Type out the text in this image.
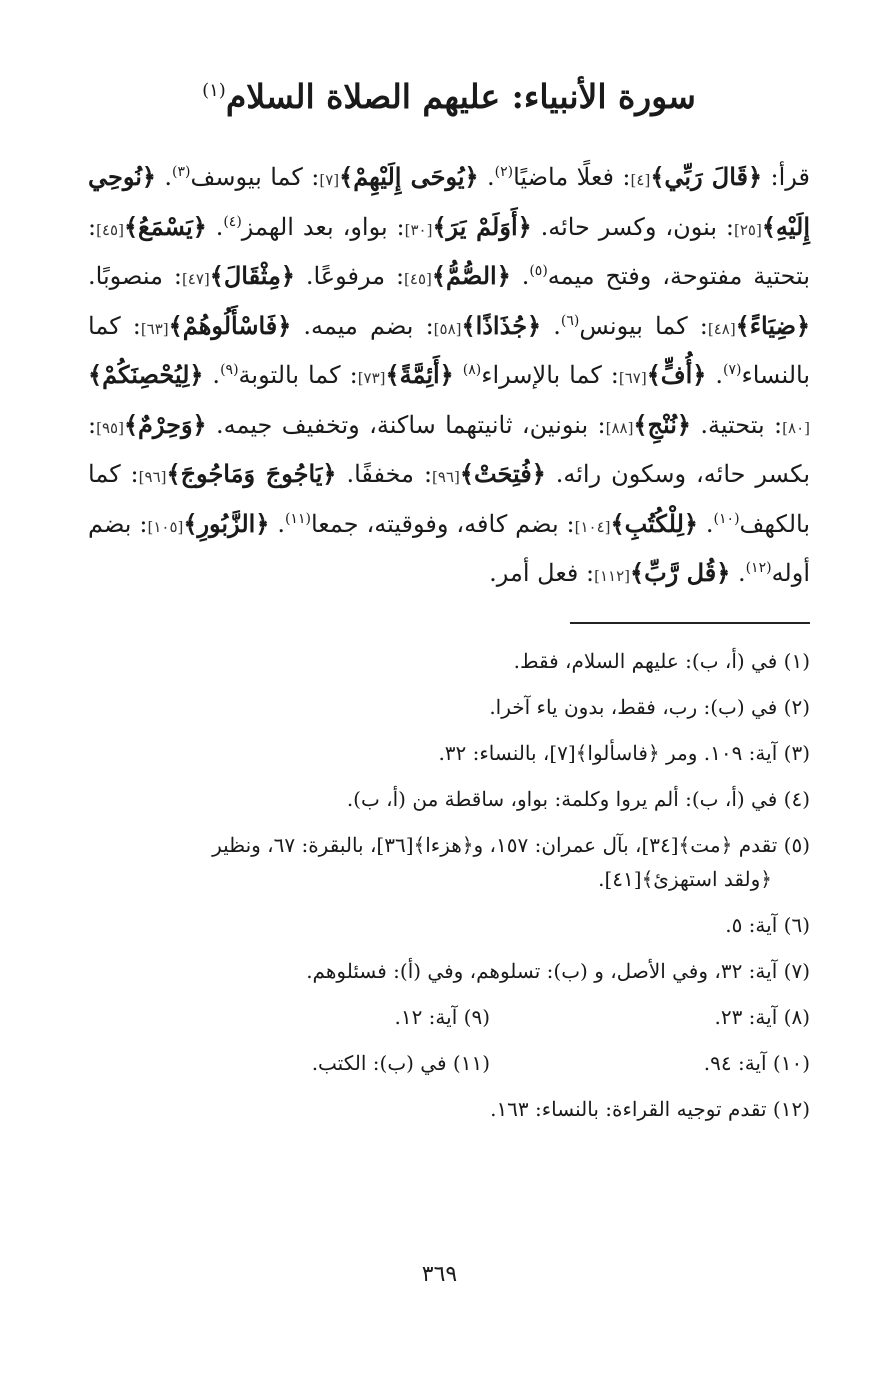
سورة الأنبياء: عليهم الصلاة السلام$^{(١)}$
قرأ: ﴿قَالَ رَبِّي﴾[٤]: فعلًا ماضيًا$^{(٢)}$. ﴿يُوحَى إِلَيْهِمْ﴾[٧]: كما بيوسف$^{(٣)}$. ﴿نُوحِي إِلَيْهِ﴾[٢٥]: بنون، وكسر حائه. ﴿أَوَلَمْ يَرَ﴾[٣٠]: بواو، بعد الهمز$^{(٤)}$. ﴿يَسْمَعُ﴾[٤٥]: بتحتية مفتوحة، وفتح ميمه$^{(٥)}$. ﴿الصُّمُّ﴾[٤٥]: مرفوعًا. ﴿مِثْقَالَ﴾[٤٧]: منصوبًا. ﴿ضِيَاءً﴾[٤٨]: كما بيونس$^{(٦)}$. ﴿جُذَاذًا﴾[٥٨]: بضم ميمه. ﴿فَاسْأَلُوهُمْ﴾[٦٣]: كما بالنساء$^{(٧)}$. ﴿أُفٍّ﴾[٦٧]: كما بالإسراء$^{(٨)}$ ﴿أَئِمَّةً﴾[٧٣]: كما بالتوبة$^{(٩)}$. ﴿لِيُحْصِنَكُمْ﴾[٨٠]: بتحتية. ﴿نُنْجِ﴾[٨٨]: بنونين، ثانيتهما ساكنة، وتخفيف جيمه. ﴿وَحِرْمٌ﴾[٩٥]: بكسر حائه، وسكون رائه. ﴿فُتِحَتْ﴾[٩٦]: مخففًا. ﴿يَاجُوجَ وَمَاجُوجَ﴾[٩٦]: كما بالكهف$^{(١٠)}$. ﴿لِلْكُتُبِ﴾[١٠٤]: بضم كافه، وفوقيته، جمعا$^{(١١)}$. ﴿الزَّبُورِ﴾[١٠٥]: بضم أوله$^{(١٢)}$. ﴿قُل رَّبِّ﴾[١١٢]: فعل أمر.
(١) في (أ، ب): عليهم السلام، فقط.
(٢) في (ب): رب، فقط، بدون ياء آخرا.
(٣) آية: ١٠٩. ومر ﴿فاسألوا﴾[٧]، بالنساء: ٣٢.
(٤) في (أ، ب): ألم يروا وكلمة: بواو، ساقطة من (أ، ب).
(٥) تقدم ﴿مت﴾[٣٤]، بآل عمران: ١٥٧، و﴿هزءا﴾[٣٦]، بالبقرة: ٦٧، ونظير
﴿ولقد استهزئ﴾[٤١].
(٦) آية: ٥.
(٧) آية: ٣٢، وفي الأصل، و (ب): تسلوهم، وفي (أ): فسئلوهم.
(٨) آية: ٢٣.
(٩) آية: ١٢.
(١٠) آية: ٩٤.
(١١) في (ب): الكتب.
(١٢) تقدم توجيه القراءة: بالنساء: ١٦٣.
٣٦٩
